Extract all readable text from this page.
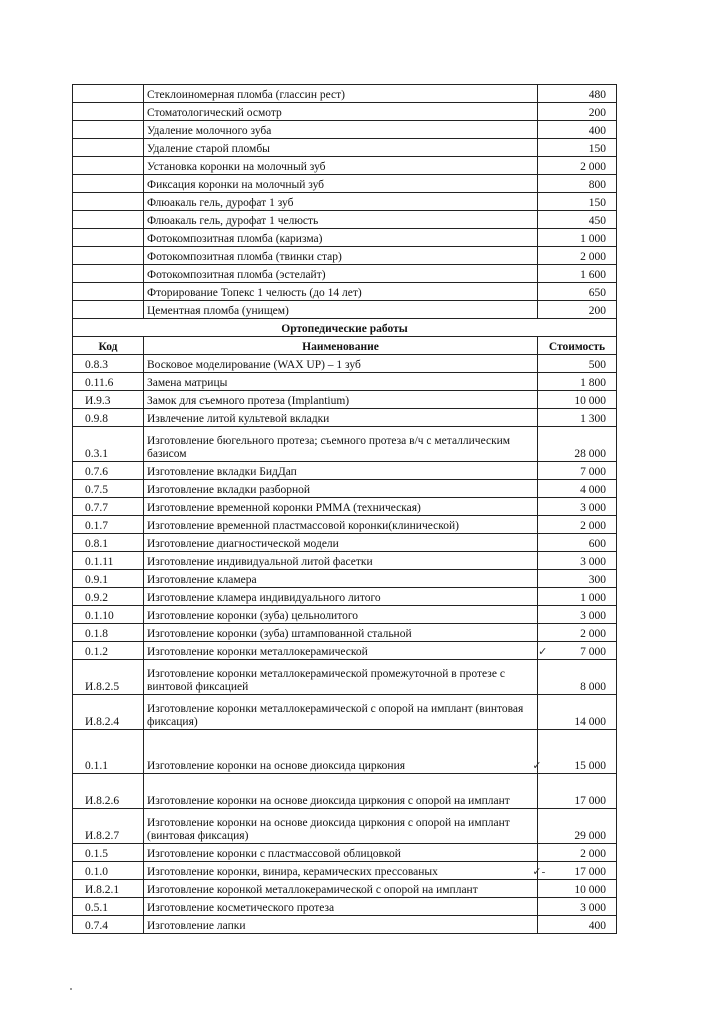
	Стеклоиномерная пломба (глассин рест)	480
	Стоматологический осмотр	200
	Удаление молочного зуба	400
	Удаление старой пломбы	150
	Установка коронки на молочный зуб	2 000
	Фиксация коронки на молочный зуб	800
	Флюакаль гель, дурофат 1 зуб	150
	Флюакаль гель, дурофат 1 челюсть	450
	Фотокомпозитная пломба (каризма)	1 000
	Фотокомпозитная пломба (твинки стар)	2 000
	Фотокомпозитная пломба (эстелайт)	1 600
	Фторирование Топекс 1 челюсть (до 14 лет)	650
	Цементная пломба (унищем)	200
Ортопедические работы		
Код	Наименование	Стоимость
0.8.3	Восковое моделирование (WAX UP) – 1 зуб	500
0.11.6	Замена матрицы	1 800
И.9.3	Замок для съемного протеза (Implantium)	10 000
0.9.8	Извлечение литой культевой вкладки	1 300
0.3.1	Изготовление бюгельного протеза; съемного протеза в/ч с металлическим базисом	28 000
0.7.6	Изготовление вкладки БидДап	7 000
0.7.5	Изготовление вкладки разборной	4 000
0.7.7	Изготовление временной коронки PMMA (техническая)	3 000
0.1.7	Изготовление временной пластмассовой коронки(клинической)	2 000
0.8.1	Изготовление диагностической модели	600
0.1.11	Изготовление индивидуальной литой фасетки	3 000
0.9.1	Изготовление кламера	300
0.9.2	Изготовление кламера индивидуального литого	1 000
0.1.10	Изготовление коронки (зуба) цельнолитого	3 000
0.1.8	Изготовление коронки (зуба) штампованной стальной	2 000
0.1.2	Изготовление коронки металлокерамической	✓ 7 000
И.8.2.5	Изготовление коронки металлокерамической промежуточной в протезе с винтовой фиксацией	8 000
И.8.2.4	Изготовление коронки металлокерамической с опорой на имплант (винтовая фиксация)	14 000
0.1.1	Изготовление коронки на основе диоксида циркония	✓ 15 000
И.8.2.6	Изготовление коронки на основе диоксида циркония с опорой на имплант	17 000
И.8.2.7	Изготовление коронки на основе диоксида циркония с опорой на имплант (винтовая фиксация)	29 000
0.1.5	Изготовление коронки с пластмассовой облицовкой	2 000
0.1.0	Изготовление коронки, винира, керамических прессованых	✓- 17 000
И.8.2.1	Изготовление коронкой металлокерамической с опорой на имплант	10 000
0.5.1	Изготовление косметического протеза	3 000
0.7.4	Изготовление лапки	400
